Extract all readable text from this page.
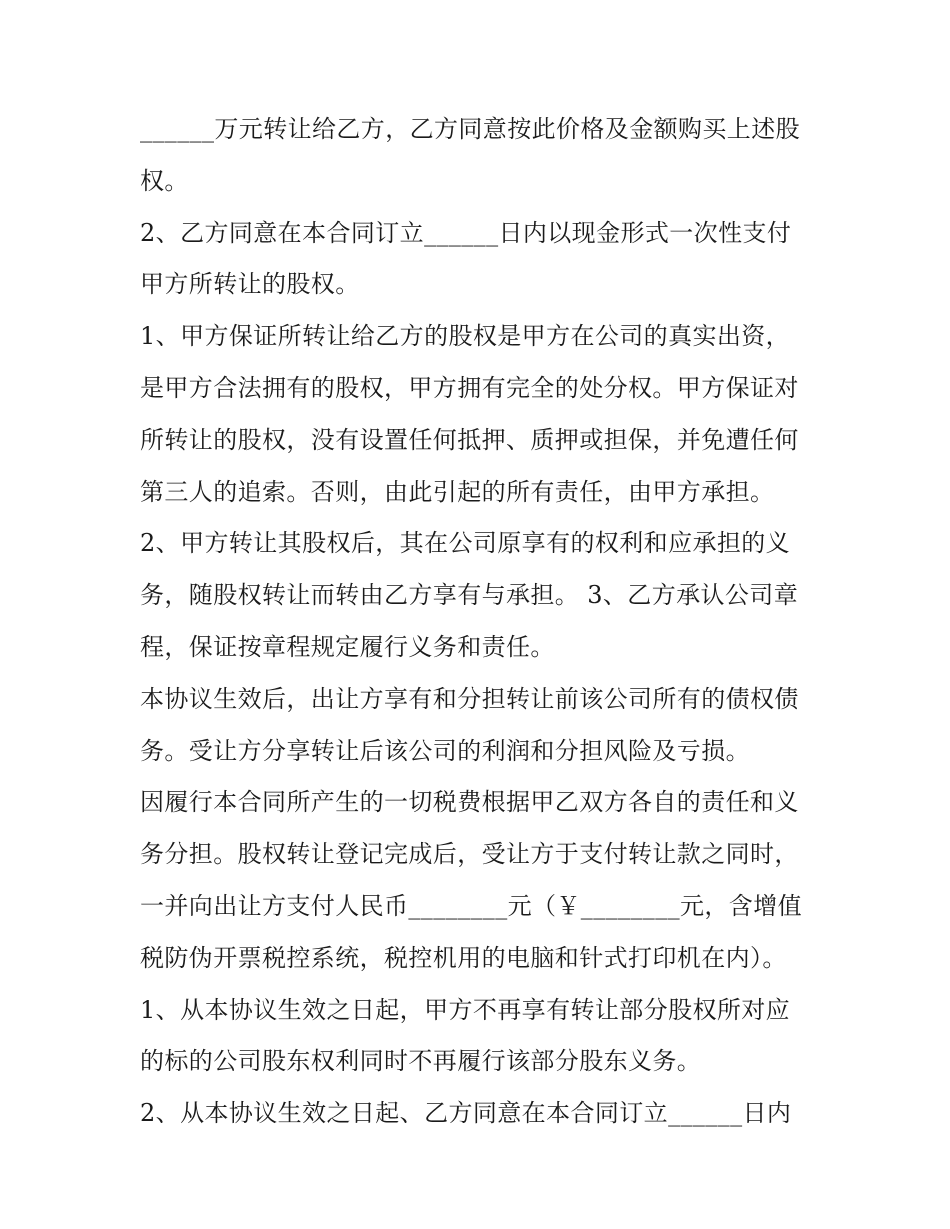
______万元转让给乙方，乙方同意按此价格及金额购买上述股
权。
2、乙方同意在本合同订立______日内以现金形式一次性支付
甲方所转让的股权。
1、甲方保证所转让给乙方的股权是甲方在公司的真实出资，
是甲方合法拥有的股权，甲方拥有完全的处分权。甲方保证对
所转让的股权，没有设置任何抵押、质押或担保，并免遭任何
第三人的追索。否则，由此引起的所有责任，由甲方承担。
2、甲方转让其股权后，其在公司原享有的权利和应承担的义
务，随股权转让而转由乙方享有与承担。 3、乙方承认公司章
程，保证按章程规定履行义务和责任。
本协议生效后，出让方享有和分担转让前该公司所有的债权债
务。受让方分享转让后该公司的利润和分担风险及亏损。
因履行本合同所产生的一切税费根据甲乙双方各自的责任和义
务分担。股权转让登记完成后，受让方于支付转让款之同时，
一并向出让方支付人民币________元（￥________元，含增值
税防伪开票税控系统，税控机用的电脑和针式打印机在内）。
1、从本协议生效之日起，甲方不再享有转让部分股权所对应
的标的公司股东权利同时不再履行该部分股东义务。
2、从本协议生效之日起、乙方同意在本合同订立______日内
